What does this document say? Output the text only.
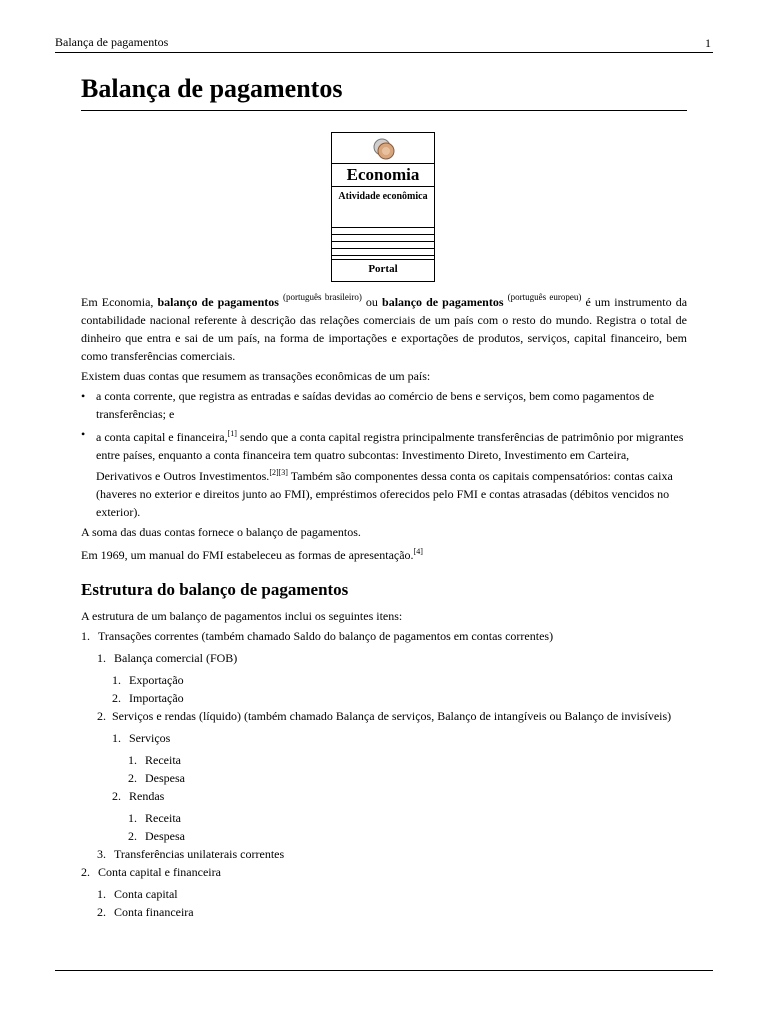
Balança de pagamentos	1
Balança de pagamentos
Economia
Atividade econômica
Portal

Em Economia, balanço de pagamentos $^{(português brasileiro)}$ ou balanço de pagamentos $^{(português europeu)}$ é um instrumento da contabilidade nacional referente à descrição das relações comerciais de um país com o resto do mundo. Registra o total de dinheiro que entra e sai de um país, na forma de importações e exportações de produtos, serviços, capital financeiro, bem como transferências comerciais.

Existem duas contas que resumem as transações econômicas de um país:

• a conta corrente, que registra as entradas e saídas devidas ao comércio de bens e serviços, bem como pagamentos de transferências; e
• a conta capital e financeira,[1] sendo que a conta capital registra principalmente transferências de patrimônio por migrantes entre países, enquanto a conta financeira tem quatro subcontas: Investimento Direto, Investimento em Carteira, Derivativos e Outros Investimentos.[2][3] Também são componentes dessa conta os capitais compensatórios: contas caixa (haveres no exterior e direitos junto ao FMI), empréstimos oferecidos pelo FMI e contas atrasadas (débitos vencidos no exterior).

A soma das duas contas fornece o balanço de pagamentos.

Em 1969, um manual do FMI estabeleceu as formas de apresentação.[4]

Estrutura do balanço de pagamentos

A estrutura de um balanço de pagamentos inclui os seguintes itens:

1. Transações correntes (também chamado Saldo do balanço de pagamentos em contas correntes)
1. Balança comercial (FOB)
1. Exportação
2. Importação
2. Serviços e rendas (líquido) (também chamado Balança de serviços, Balanço de intangíveis ou Balanço de invisíveis)
1. Serviços
1. Receita
2. Despesa
2. Rendas
1. Receita
2. Despesa
3. Transferências unilaterais correntes
2. Conta capital e financeira
1. Conta capital
2. Conta financeira
